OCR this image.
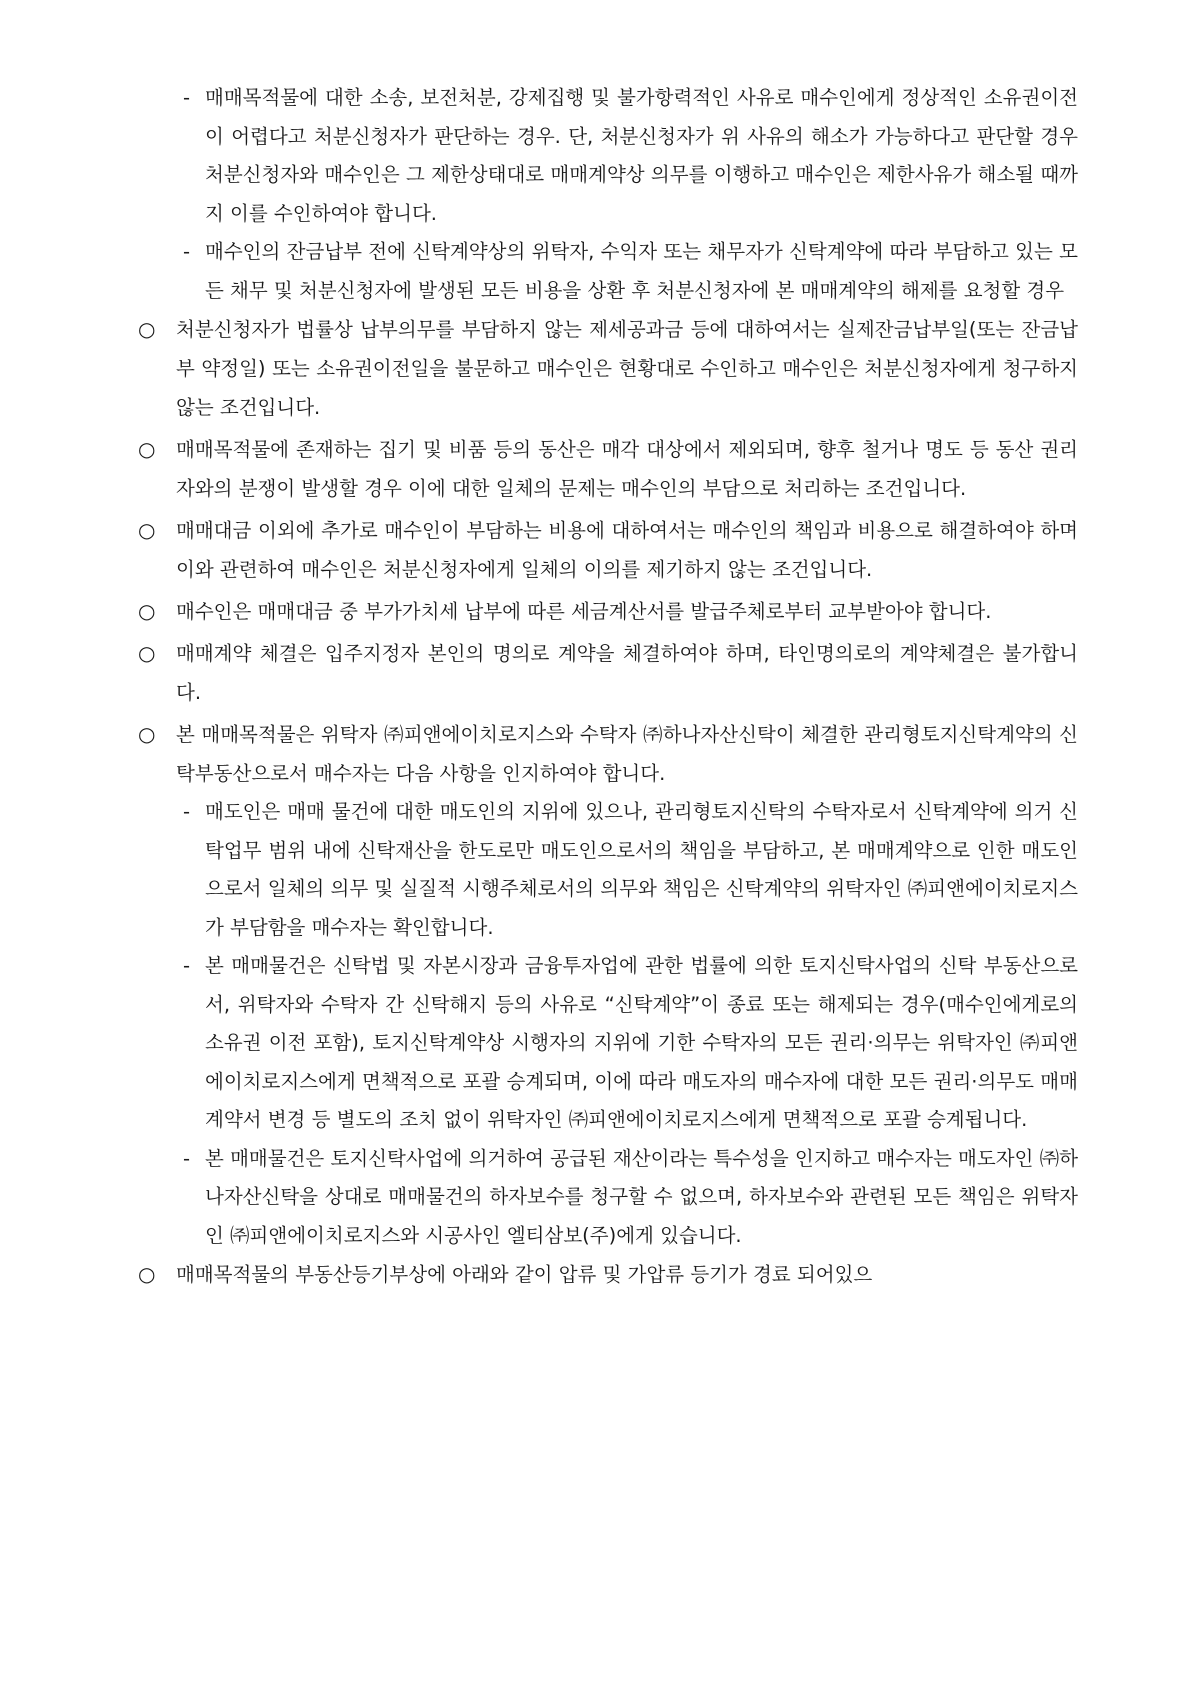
- 매매목적물에 대한 소송, 보전처분, 강제집행 및 불가항력적인 사유로 매수인에게 정상적인 소유권이전이 어렵다고 처분신청자가 판단하는 경우. 단, 처분신청자가 위 사유의 해소가 가능하다고 판단할 경우 처분신청자와 매수인은 그 제한상태대로 매매계약상 의무를 이행하고 매수인은 제한사유가 해소될 때까지 이를 수인하여야 합니다.
- 매수인의 잔금납부 전에 신탁계약상의 위탁자, 수익자 또는 채무자가 신탁계약에 따라 부담하고 있는 모든 채무 및 처분신청자에 발생된 모든 비용을 상환 후 처분신청자에 본 매매계약의 해제를 요청할 경우
○ 처분신청자가 법률상 납부의무를 부담하지 않는 제세공과금 등에 대하여서는 실제잔금납부일(또는 잔금납부 약정일) 또는 소유권이전일을 불문하고 매수인은 현황대로 수인하고 매수인은 처분신청자에게 청구하지 않는 조건입니다.
○ 매매목적물에 존재하는 집기 및 비품 등의 동산은 매각 대상에서 제외되며, 향후 철거나 명도 등 동산 권리자와의 분쟁이 발생할 경우 이에 대한 일체의 문제는 매수인의 부담으로 처리하는 조건입니다.
○ 매매대금 이외에 추가로 매수인이 부담하는 비용에 대하여서는 매수인의 책임과 비용으로 해결하여야 하며 이와 관련하여 매수인은 처분신청자에게 일체의 이의를 제기하지 않는 조건입니다.
○ 매수인은 매매대금 중 부가가치세 납부에 따른 세금계산서를 발급주체로부터 교부받아야 합니다.
○ 매매계약 체결은 입주지정자 본인의 명의로 계약을 체결하여야 하며, 타인명의로의 계약체결은 불가합니다.
○ 본 매매목적물은 위탁자 ㈜피앤에이치로지스와 수탁자 ㈜하나자산신탁이 체결한 관리형토지신탁계약의 신탁부동산으로서 매수자는 다음 사항을 인지하여야 합니다.
- 매도인은 매매 물건에 대한 매도인의 지위에 있으나, 관리형토지신탁의 수탁자로서 신탁계약에 의거 신탁업무 범위 내에 신탁재산을 한도로만 매도인으로서의 책임을 부담하고, 본 매매계약으로 인한 매도인으로서 일체의 의무 및 실질적 시행주체로서의 의무와 책임은 신탁계약의 위탁자인 ㈜피앤에이치로지스가 부담함을 매수자는 확인합니다.
- 본 매매물건은 신탁법 및 자본시장과 금융투자업에 관한 법률에 의한 토지신탁사업의 신탁 부동산으로서, 위탁자와 수탁자 간 신탁해지 등의 사유로 “신탁계약”이 종료 또는 해제되는 경우(매수인에게로의 소유권 이전 포함), 토지신탁계약상 시행자의 지위에 기한 수탁자의 모든 권리·의무는 위탁자인 ㈜피앤에이치로지스에게 면책적으로 포괄 승계되며, 이에 따라 매도자의 매수자에 대한 모든 권리·의무도 매매계약서 변경 등 별도의 조치 없이 위탁자인 ㈜피앤에이치로지스에게 면책적으로 포괄 승계됩니다.
- 본 매매물건은 토지신탁사업에 의거하여 공급된 재산이라는 특수성을 인지하고 매수자는 매도자인 ㈜하나자산신탁을 상대로 매매물건의 하자보수를 청구할 수 없으며, 하자보수와 관련된 모든 책임은 위탁자인 ㈜피앤에이치로지스와 시공사인 엘티삼보(주)에게 있습니다.
○ 매매목적물의 부동산등기부상에 아래와 같이 압류 및 가압류 등기가 경료 되어있으
